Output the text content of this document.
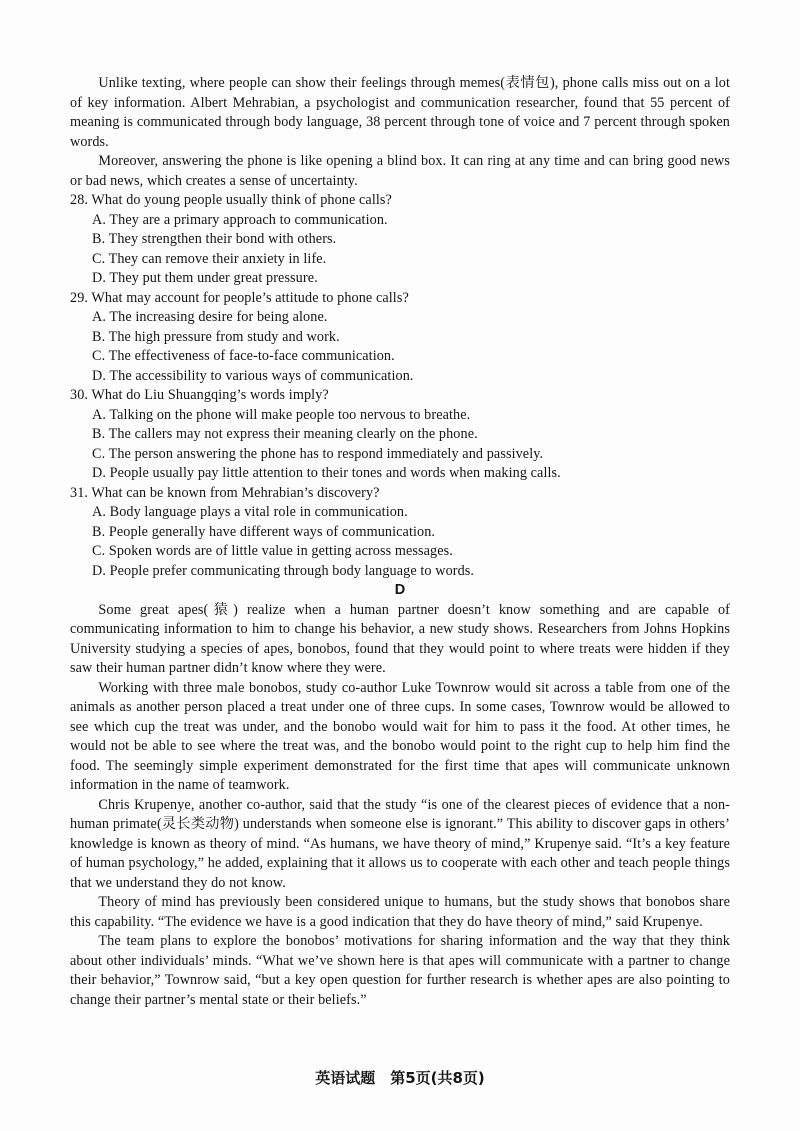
Unlike texting, where people can show their feelings through memes(表情包), phone calls miss out on a lot of key information. Albert Mehrabian, a psychologist and communication researcher, found that 55 percent of meaning is communicated through body language, 38 percent through tone of voice and 7 percent through spoken words.

Moreover, answering the phone is like opening a blind box. It can ring at any time and can bring good news or bad news, which creates a sense of uncertainty.

28. What do young people usually think of phone calls?
A. They are a primary approach to communication.
B. They strengthen their bond with others.
C. They can remove their anxiety in life.
D. They put them under great pressure.
29. What may account for people’s attitude to phone calls?
A. The increasing desire for being alone.
B. The high pressure from study and work.
C. The effectiveness of face-to-face communication.
D. The accessibility to various ways of communication.
30. What do Liu Shuangqing’s words imply?
A. Talking on the phone will make people too nervous to breathe.
B. The callers may not express their meaning clearly on the phone.
C. The person answering the phone has to respond immediately and passively.
D. People usually pay little attention to their tones and words when making calls.
31. What can be known from Mehrabian’s discovery?
A. Body language plays a vital role in communication.
B. People generally have different ways of communication.
C. Spoken words are of little value in getting across messages.
D. People prefer communicating through body language to words.
D

Some great apes(猿) realize when a human partner doesn’t know something and are capable of communicating information to him to change his behavior, a new study shows. Researchers from Johns Hopkins University studying a species of apes, bonobos, found that they would point to where treats were hidden if they saw their human partner didn’t know where they were.

Working with three male bonobos, study co-author Luke Townrow would sit across a table from one of the animals as another person placed a treat under one of three cups. In some cases, Townrow would be allowed to see which cup the treat was under, and the bonobo would wait for him to pass it the food. At other times, he would not be able to see where the treat was, and the bonobo would point to the right cup to help him find the food. The seemingly simple experiment demonstrated for the first time that apes will communicate unknown information in the name of teamwork.

Chris Krupenye, another co-author, said that the study “is one of the clearest pieces of evidence that a non-human primate(灵长类动物) understands when someone else is ignorant.” This ability to discover gaps in others’ knowledge is known as theory of mind. “As humans, we have theory of mind,” Krupenye said. “It’s a key feature of human psychology,” he added, explaining that it allows us to cooperate with each other and teach people things that we understand they do not know.

Theory of mind has previously been considered unique to humans, but the study shows that bonobos share this capability. “The evidence we have is a good indication that they do have theory of mind,” said Krupenye.

The team plans to explore the bonobos’ motivations for sharing information and the way that they think about other individuals’ minds. “What we’ve shown here is that apes will communicate with a partner to change their behavior,” Townrow said, “but a key open question for further research is whether apes are also pointing to change their partner’s mental state or their beliefs.”

英语试题　第5页(共8页)
